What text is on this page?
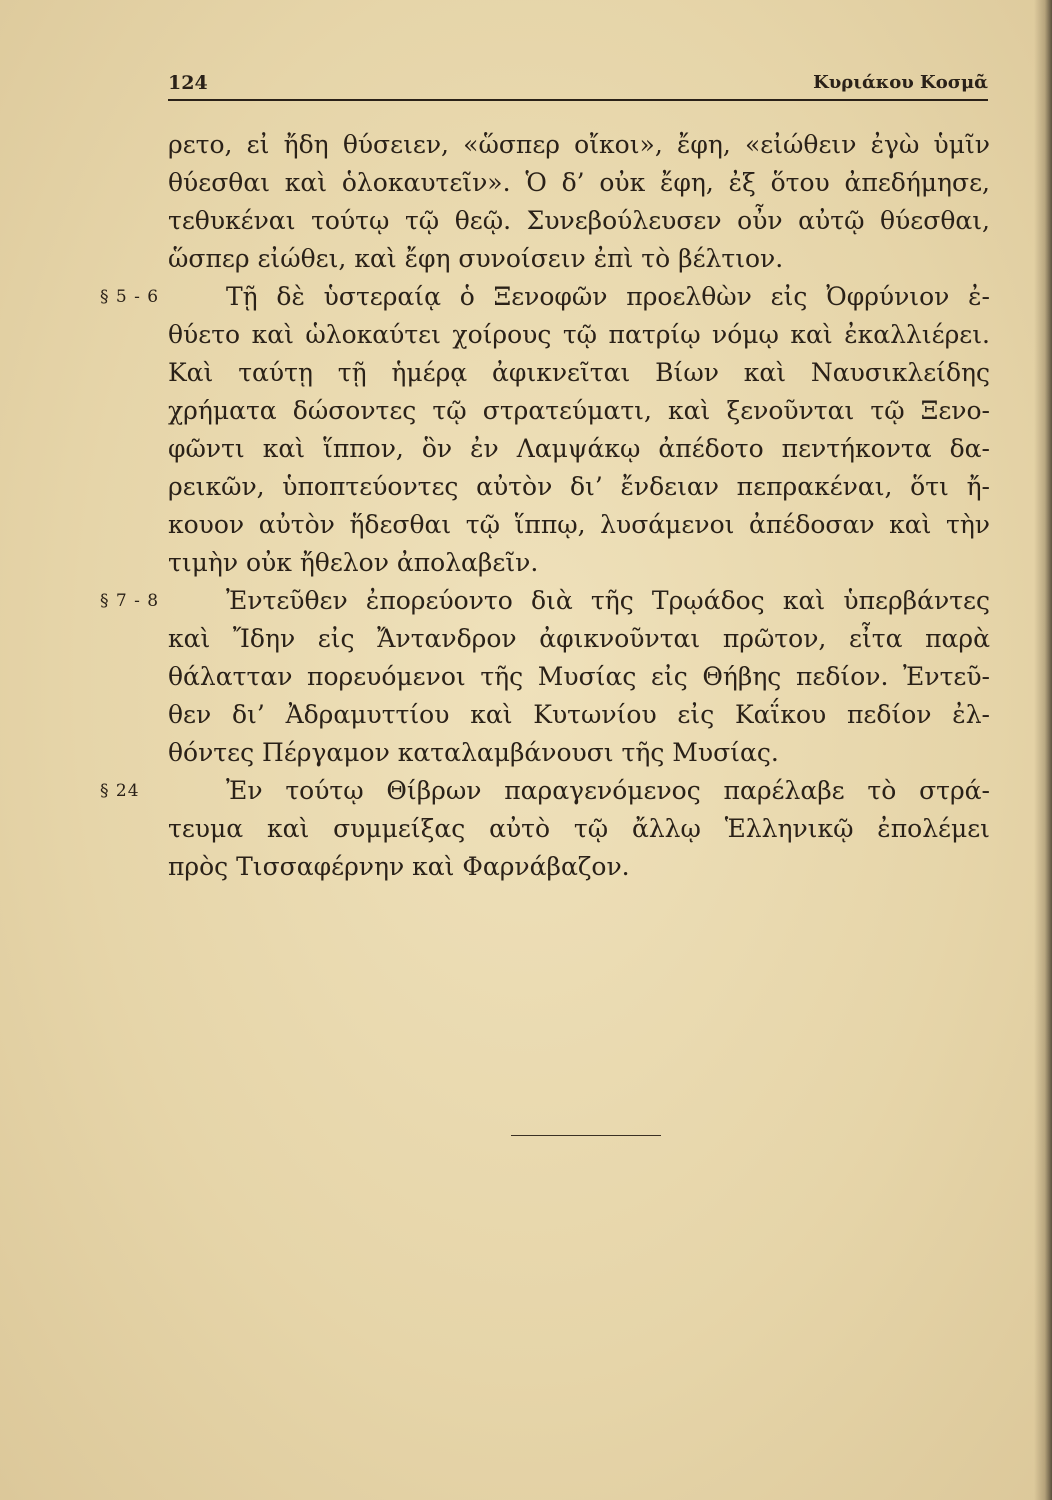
124	Κυριάκου Κοσμᾶ
ρετο, εἰ ἤδη θύσειεν, «ὥσπερ οἴκοι», ἔφη, «εἰώθειν ἐγὼ ὑμῖν
θύεσθαι καὶ ὁλοκαυτεῖν». Ὁ δ’ οὐκ ἔφη, ἐξ ὅτου ἀπεδήμησε,
τεθυκέναι τούτῳ τῷ θεῷ. Συνεβούλευσεν οὖν αὐτῷ θύεσθαι,
ὥσπερ εἰώθει, καὶ ἔφη συνοίσειν ἐπὶ τὸ βέλτιον.
§ 5 - 6	Τῇ δὲ ὑστεραίᾳ ὁ Ξενοφῶν προελθὼν εἰς Ὀφρύνιον ἐ-
θύετο καὶ ὡλοκαύτει χοίρους τῷ πατρίῳ νόμῳ καὶ ἐκαλλιέρει.
Καὶ ταύτῃ τῇ ἡμέρᾳ ἀφικνεῖται Βίων καὶ Ναυσικλείδης
χρήματα δώσοντες τῷ στρατεύματι, καὶ ξενοῦνται τῷ Ξενο-
φῶντι καὶ ἵππον, ὃν ἐν Λαμψάκῳ ἀπέδοτο πεντήκοντα δα-
ρεικῶν, ὑποπτεύοντες αὐτὸν δι’ ἔνδειαν πεπρακέναι, ὅτι ἤ-
κουον αὐτὸν ἥδεσθαι τῷ ἵππῳ, λυσάμενοι ἀπέδοσαν καὶ τὴν
τιμὴν οὐκ ἤθελον ἀπολαβεῖν.
§ 7 - 8	Ἐντεῦθεν ἐπορεύοντο διὰ τῆς Τρῳάδος καὶ ὑπερβάντες
καὶ Ἴδην εἰς Ἄντανδρον ἀφικνοῦνται πρῶτον, εἶτα παρὰ
θάλατταν πορευόμενοι τῆς Μυσίας εἰς Θήβης πεδίον. Ἐντεῦ-
θεν δι’ Ἀδραμυττίου καὶ Κυτωνίου εἰς Καΐκου πεδίον ἐλ-
θόντες Πέργαμον καταλαμβάνουσι τῆς Μυσίας.
§ 24	Ἐν τούτῳ Θίβρων παραγενόμενος παρέλαβε τὸ στρά-
τευμα καὶ συμμείξας αὐτὸ τῷ ἄλλῳ Ἑλληνικῷ ἐπολέμει
πρὸς Τισσαφέρνην καὶ Φαρνάβαζον.
